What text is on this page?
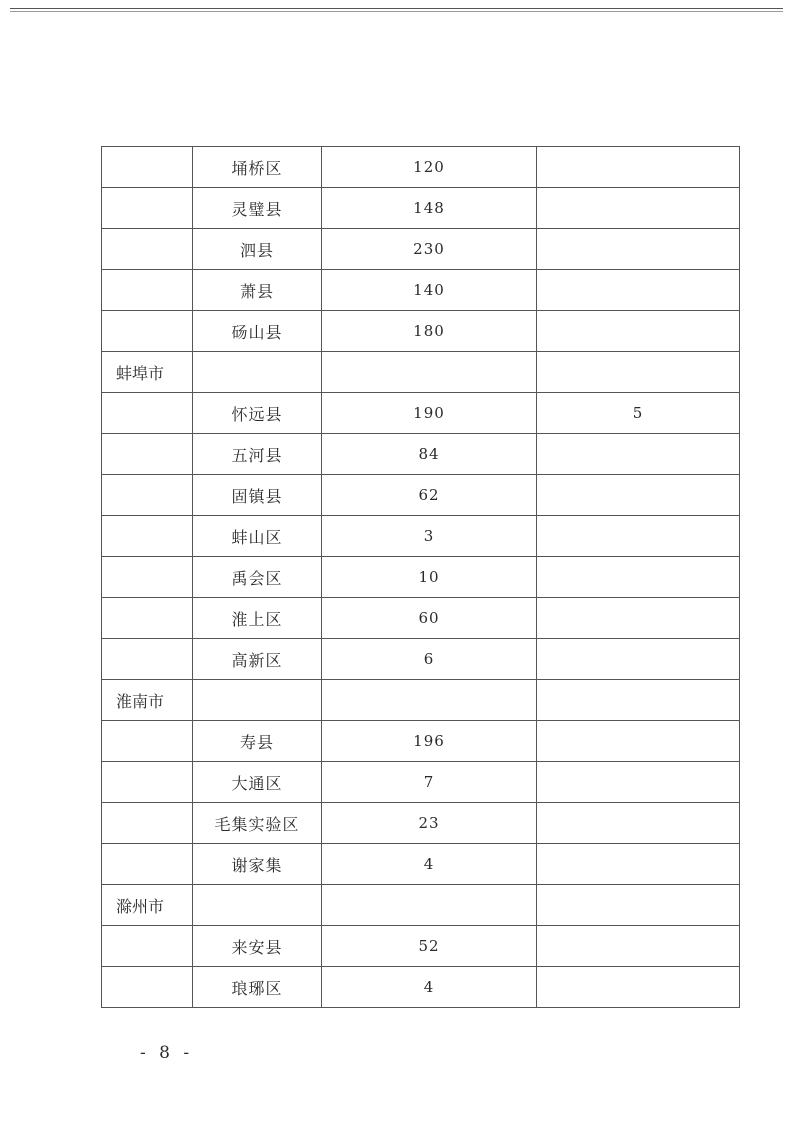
	埇桥区	120	
	灵璧县	148	
	泗县	230	
	萧县	140	
	砀山县	180	
蚌埠市			
	怀远县	190	5
	五河县	84	
	固镇县	62	
	蚌山区	3	
	禹会区	10	
	淮上区	60	
	高新区	6	
淮南市			
	寿县	196	
	大通区	7	
	毛集实验区	23	
	谢家集	4	
滁州市			
	来安县	52	
	琅琊区	4	
- 8 -
